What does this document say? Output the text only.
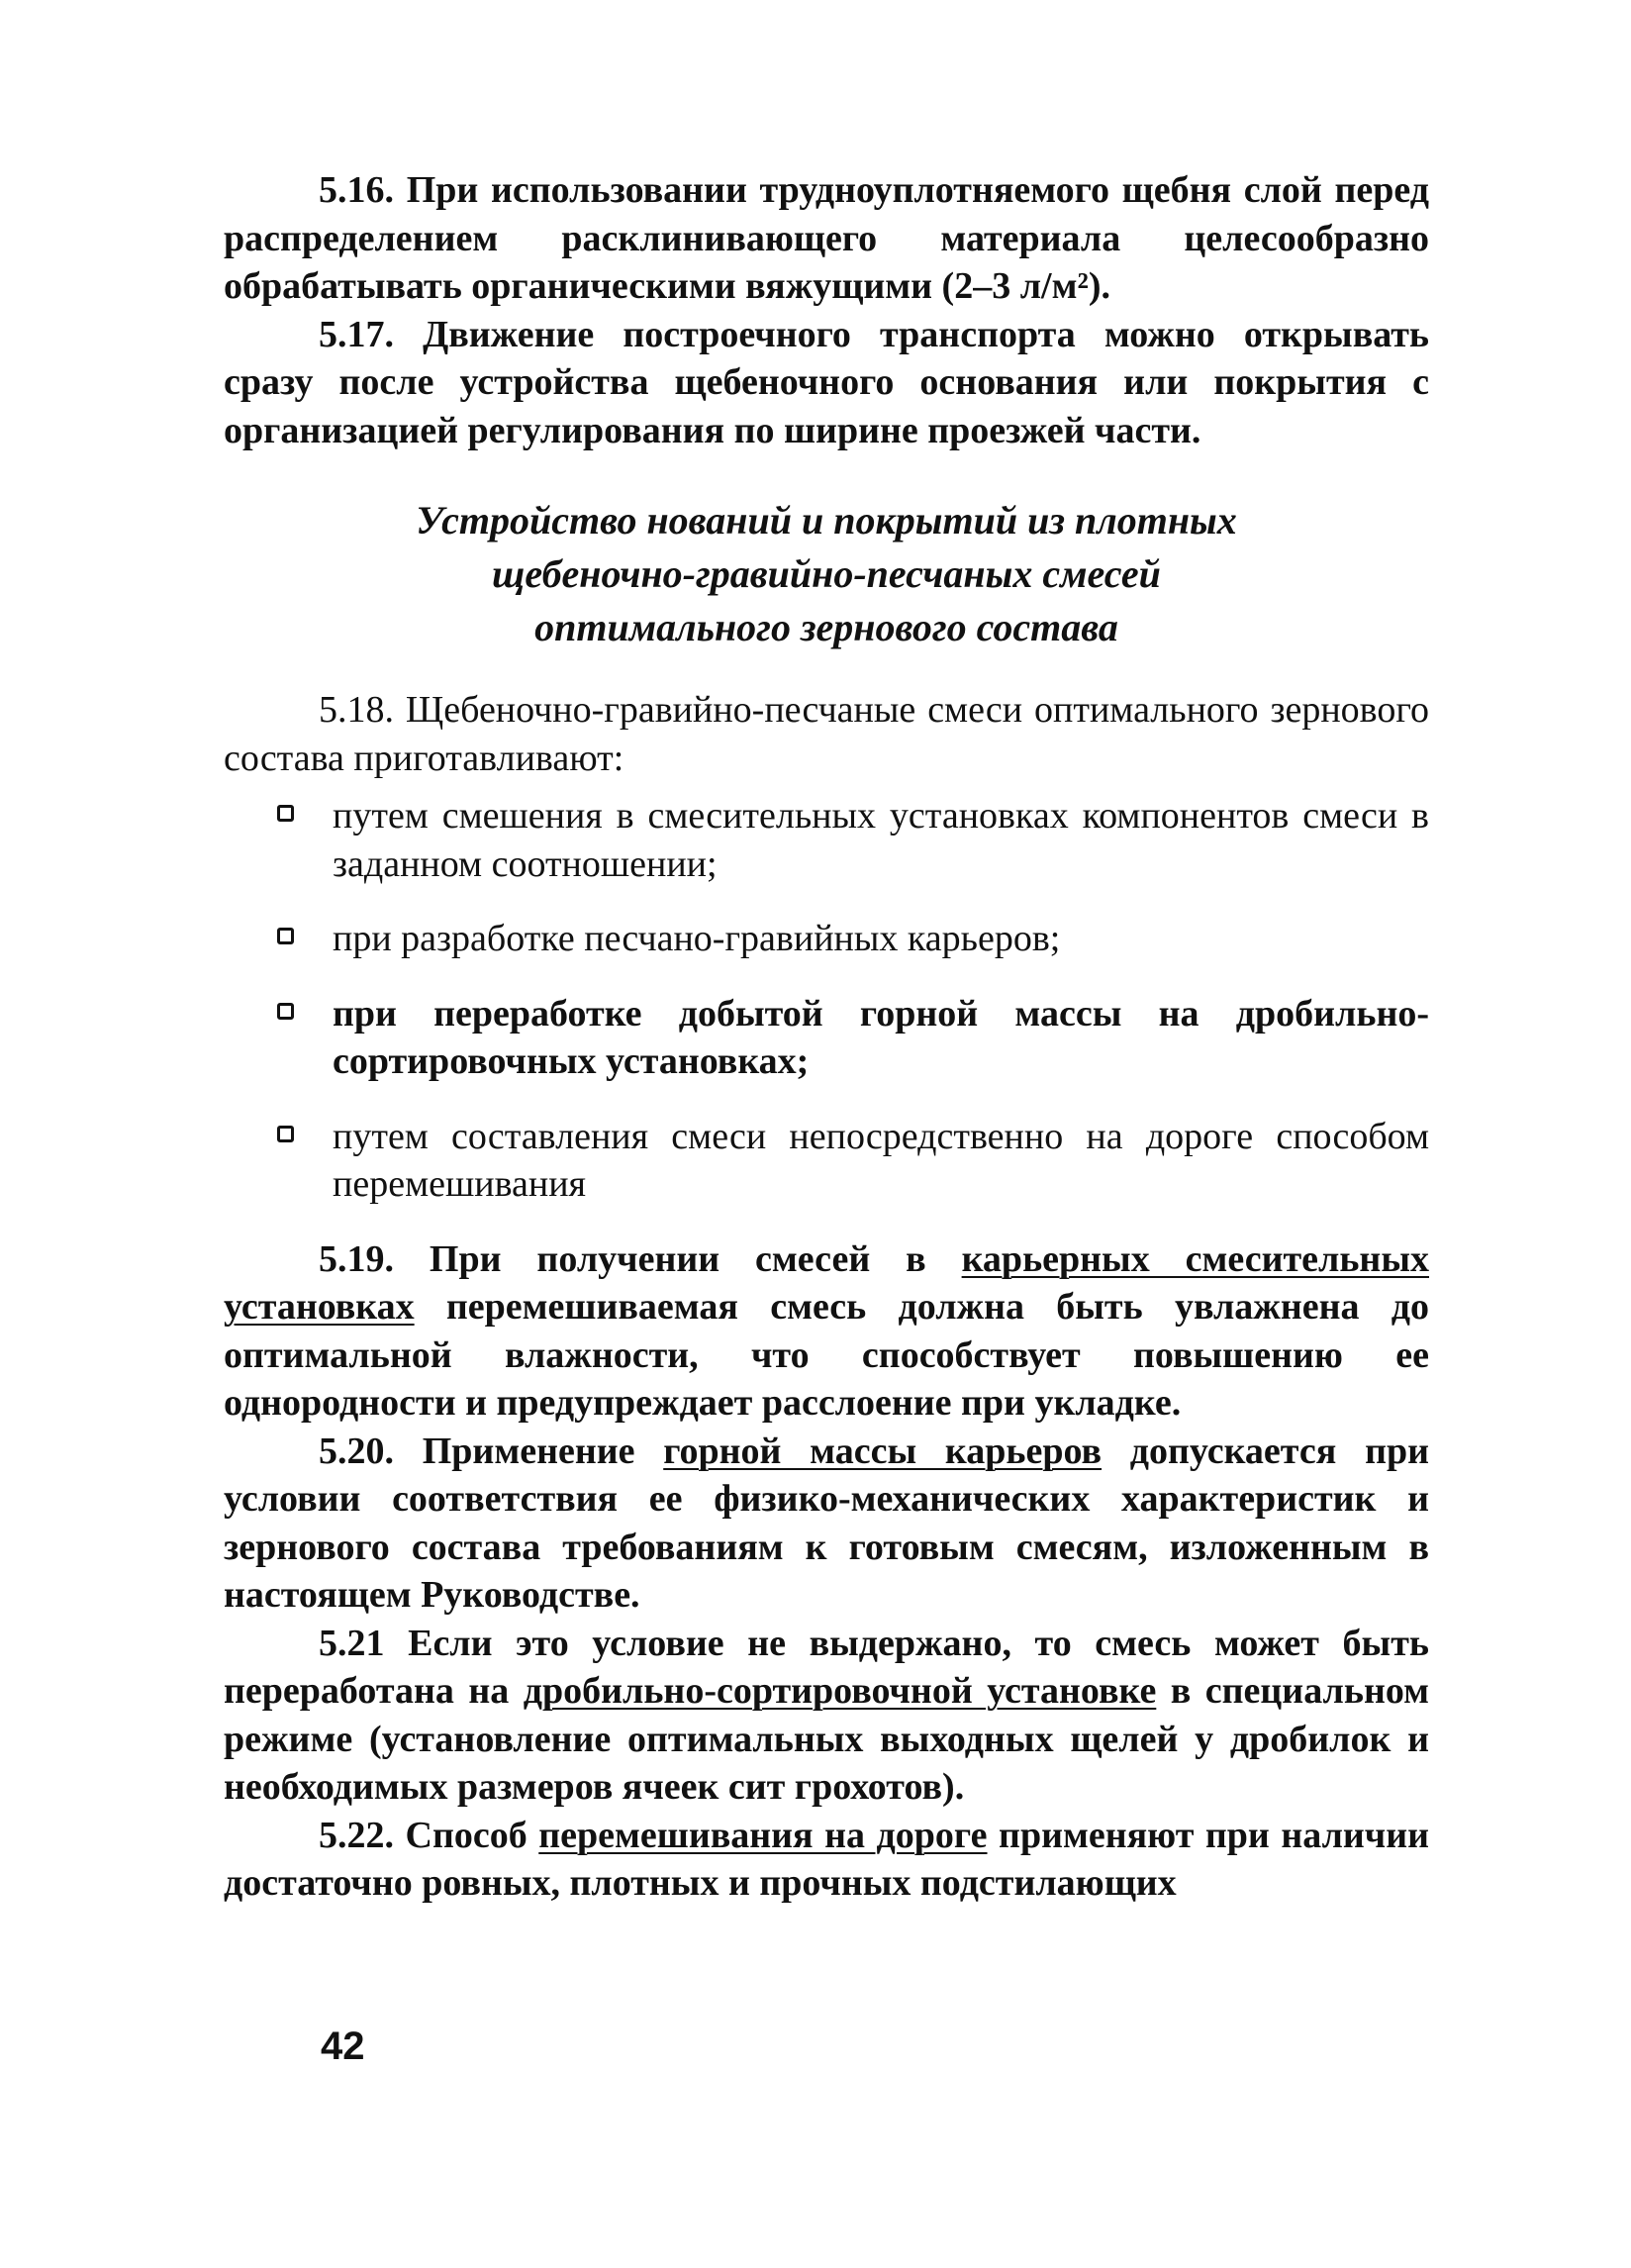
5.16. При использовании трудноуплотняемого щебня слой перед распределением расклинивающего материала целесообразно обрабатывать органическими вяжущими (2–3 л/м²).

5.17. Движение построечного транспорта можно открывать сразу после устройства щебеночного основания или покрытия с организацией регулирования по ширине проезжей части.

Устройство нований и покрытий из плотных
щебеночно-гравийно-песчаных смесей
оптимального зернового состава

5.18. Щебеночно-гравийно-песчаные смеси оптимального зернового состава приготавливают:

путем смешения в смесительных установках компонентов смеси в заданном соотношении;
при разработке песчано-гравийных карьеров;
при переработке добытой горной массы на дробильно-сортировочных установках;
путем составления смеси непосредственно на дороге способом перемешивания

5.19. При получении смесей в карьерных смесительных установках перемешиваемая смесь должна быть увлажнена до оптимальной влажности, что способствует повышению ее однородности и предупреждает расслоение при укладке.

5.20. Применение горной массы карьеров допускается при условии соответствия ее физико-механических характеристик и зернового состава требованиям к готовым смесям, изложенным в настоящем Руководстве.

5.21 Если это условие не выдержано, то смесь может быть переработана на дробильно-сортировочной установке в специальном режиме (установление оптимальных выходных щелей у дробилок и необходимых размеров ячеек сит грохотов).

5.22. Способ перемешивания на дороге применяют при наличии достаточно ровных, плотных и прочных подстилающих

42
